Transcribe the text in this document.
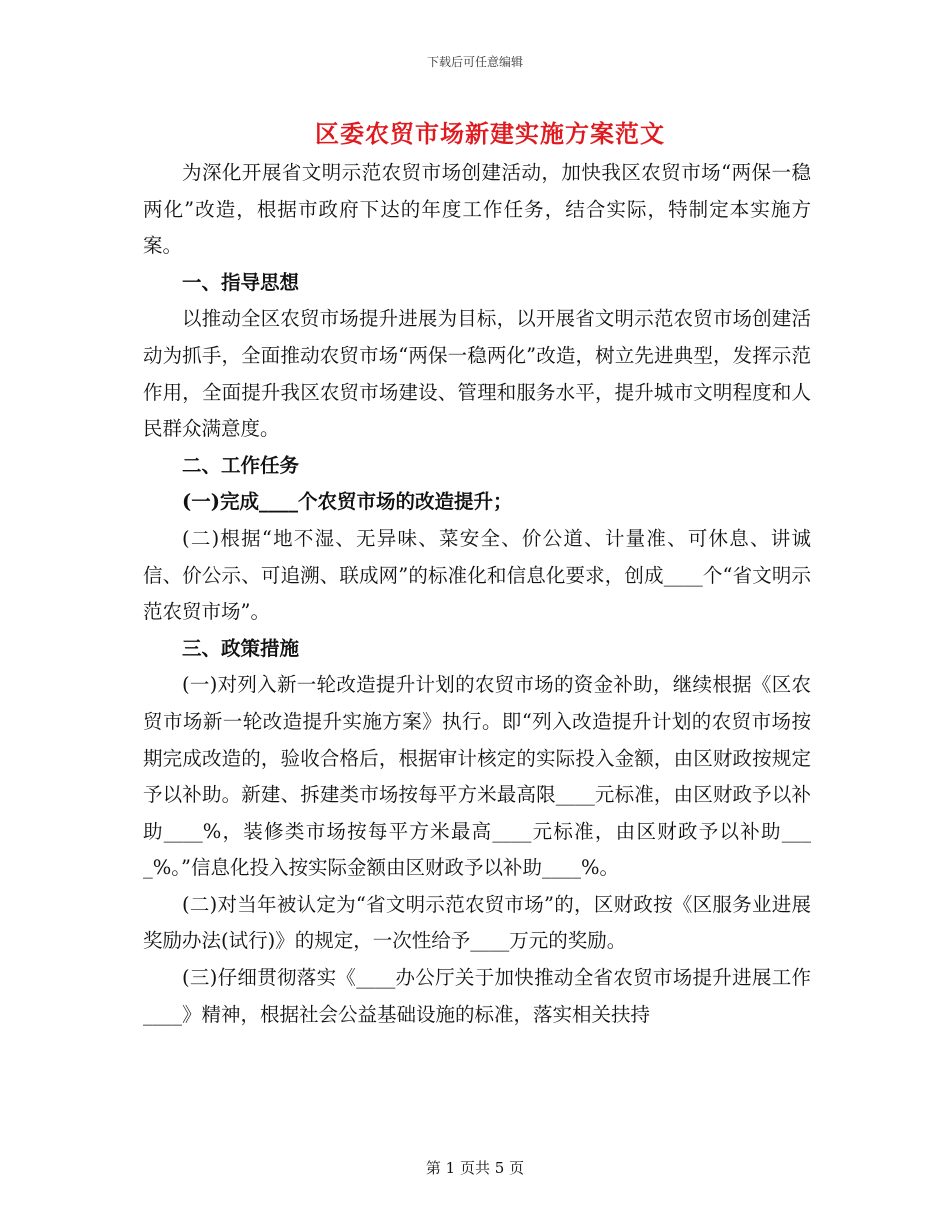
下载后可任意编辑
区委农贸市场新建实施方案范文

为深化开展省文明示范农贸市场创建活动，加快我区农贸市场“两保一稳两化”改造，根据市政府下达的年度工作任务，结合实际，特制定本实施方案。

一、指导思想

以推动全区农贸市场提升进展为目标，以开展省文明示范农贸市场创建活动为抓手，全面推动农贸市场“两保一稳两化”改造，树立先进典型，发挥示范作用，全面提升我区农贸市场建设、管理和服务水平，提升城市文明程度和人民群众满意度。

二、工作任务

(一)完成____个农贸市场的改造提升；

(二)根据“地不湿、无异味、菜安全、价公道、计量准、可休息、讲诚信、价公示、可追溯、联成网”的标准化和信息化要求，创成____个“省文明示范农贸市场”。

三、政策措施

(一)对列入新一轮改造提升计划的农贸市场的资金补助，继续根据《区农贸市场新一轮改造提升实施方案》执行。即“列入改造提升计划的农贸市场按期完成改造的，验收合格后，根据审计核定的实际投入金额，由区财政按规定予以补助。新建、拆建类市场按每平方米最高限____元标准，由区财政予以补助____%，装修类市场按每平方米最高____元标准，由区财政予以补助____%。”信息化投入按实际金额由区财政予以补助____%。

(二)对当年被认定为“省文明示范农贸市场”的，区财政按《区服务业进展奖励办法(试行)》的规定，一次性给予____万元的奖励。

(三)仔细贯彻落实《____办公厅关于加快推动全省农贸市场提升进展工作____》精神，根据社会公益基础设施的标准，落实相关扶持

第 1 页共 5 页
